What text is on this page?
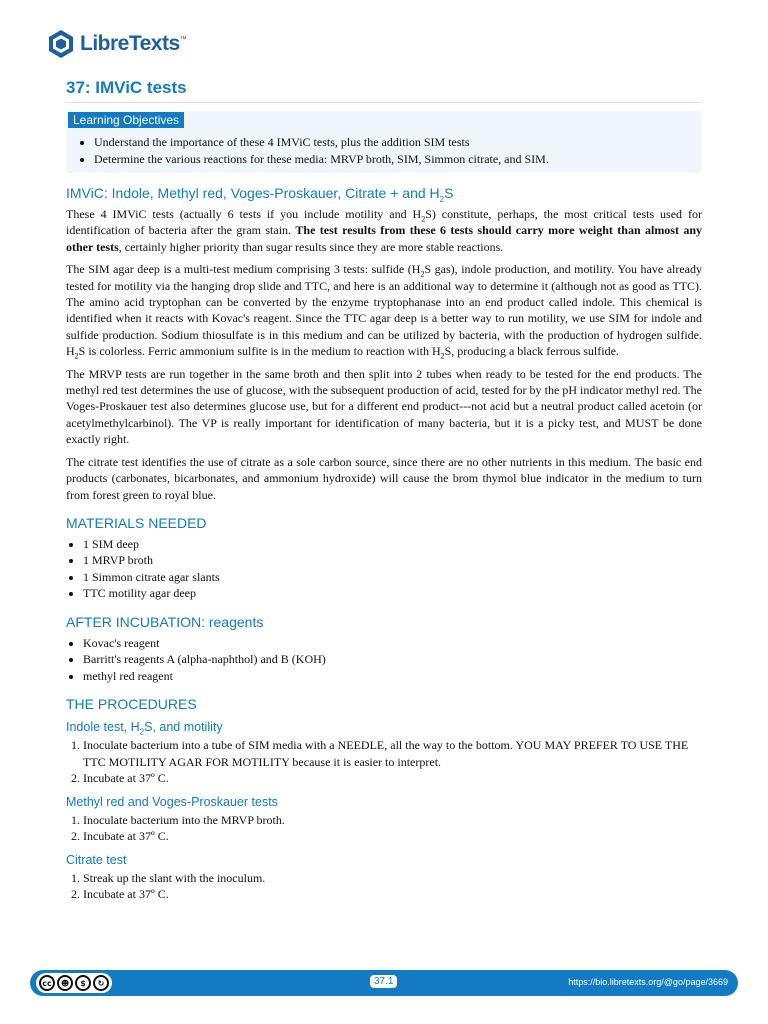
LibreTexts ™
37: IMViC tests
Learning Objectives
• Understand the importance of these 4 IMViC tests, plus the addition SIM tests
• Determine the various reactions for these media: MRVP broth, SIM, Simmon citrate, and SIM.
IMViC: Indole, Methyl red, Voges-Proskauer, Citrate + and $H_2S$

These 4 IMViC tests (actually 6 tests if you include motility and $H_2S$) constitute, perhaps, the most critical tests used for identification of bacteria after the gram stain. The test results from these 6 tests should carry more weight than almost any other tests, certainly higher priority than sugar results since they are more stable reactions.

The SIM agar deep is a multi-test medium comprising 3 tests: sulfide ($H_2S$ gas), indole production, and motility. You have already tested for motility via the hanging drop slide and TTC, and here is an additional way to determine it (although not as good as TTC). The amino acid tryptophan can be converted by the enzyme tryptophanase into an end product called indole. This chemical is identified when it reacts with Kovac's reagent. Since the TTC agar deep is a better way to run motility, we use SIM for indole and sulfide production. Sodium thiosulfate is in this medium and can be utilized by bacteria, with the production of hydrogen sulfide. $H_2S$ is colorless. Ferric ammonium sulfite is in the medium to reaction with $H_2S$, producing a black ferrous sulfide.

The MRVP tests are run together in the same broth and then split into 2 tubes when ready to be tested for the end products. The methyl red test determines the use of glucose, with the subsequent production of acid, tested for by the pH indicator methyl red. The Voges-Proskauer test also determines glucose use, but for a different end product---not acid but a neutral product called acetoin (or acetylmethylcarbinol). The VP is really important for identification of many bacteria, but it is a picky test, and MUST be done exactly right.

The citrate test identifies the use of citrate as a sole carbon source, since there are no other nutrients in this medium. The basic end products (carbonates, bicarbonates, and ammonium hydroxide) will cause the brom thymol blue indicator in the medium to turn from forest green to royal blue.

MATERIALS NEEDED
• 1 SIM deep
• 1 MRVP broth
• 1 Simmon citrate agar slants
• TTC motility agar deep
AFTER INCUBATION: reagents
• Kovac's reagent
• Barritt's reagents A (alpha-naphthol) and B (KOH)
• methyl red reagent
THE PROCEDURES
Indole test, $H_2S$, and motility
1. Inoculate bacterium into a tube of SIM media with a NEEDLE, all the way to the bottom. YOU MAY PREFER TO USE THE TTC MOTILITY AGAR FOR MOTILITY because it is easier to interpret.
2. Incubate at 37º C.
Methyl red and Voges-Proskauer tests
1. Inoculate bacterium into the MRVP broth.
2. Incubate at 37º C.
Citrate test
1. Streak up the slant with the inoculum.
2. Incubate at 37º C.
cc	☻	$	↻	37.1	https://bio.libretexts.org/@go/page/3669
